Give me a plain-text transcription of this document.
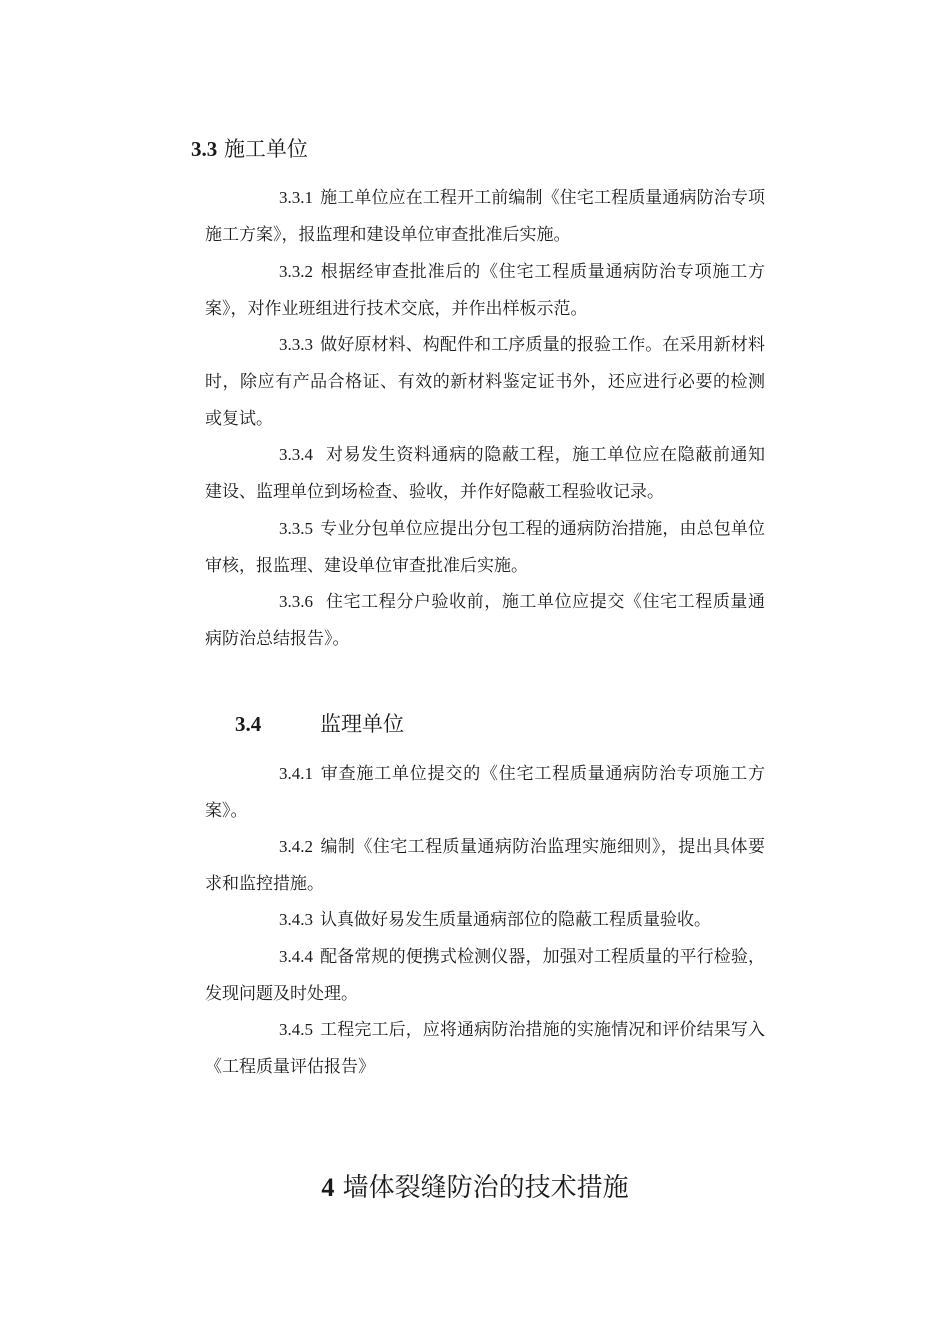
3.3 施工单位
3.3.1 施工单位应在工程开工前编制《住宅工程质量通病防治专项施工方案》，报监理和建设单位审查批准后实施。
3.3.2 根据经审查批准后的《住宅工程质量通病防治专项施工方案》，对作业班组进行技术交底，并作出样板示范。
3.3.3 做好原材料、构配件和工序质量的报验工作。在采用新材料时，除应有产品合格证、有效的新材料鉴定证书外，还应进行必要的检测或复试。
3.3.4 对易发生资料通病的隐蔽工程，施工单位应在隐蔽前通知建设、监理单位到场检查、验收，并作好隐蔽工程验收记录。
3.3.5 专业分包单位应提出分包工程的通病防治措施，由总包单位审核，报监理、建设单位审查批准后实施。
3.3.6 住宅工程分户验收前，施工单位应提交《住宅工程质量通病防治总结报告》。
3.4	监理单位
3.4.1 审查施工单位提交的《住宅工程质量通病防治专项施工方案》。
3.4.2 编制《住宅工程质量通病防治监理实施细则》，提出具体要求和监控措施。
3.4.3 认真做好易发生质量通病部位的隐蔽工程质量验收。
3.4.4 配备常规的便携式检测仪器，加强对工程质量的平行检验，发现问题及时处理。
3.4.5 工程完工后，应将通病防治措施的实施情况和评价结果写入《工程质量评估报告》
4 墙体裂缝防治的技术措施
